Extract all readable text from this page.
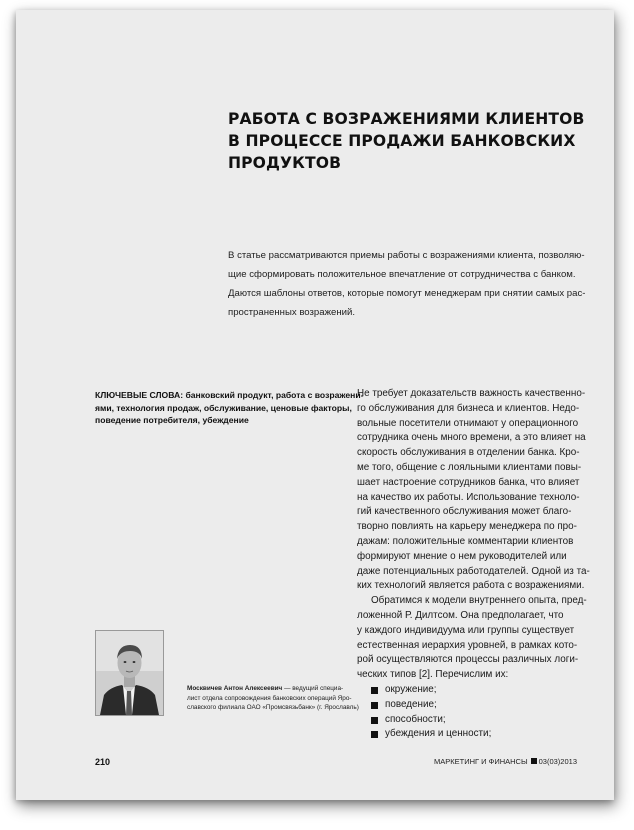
РАБОТА С ВОЗРАЖЕНИЯМИ КЛИЕНТОВ
В ПРОЦЕССЕ ПРОДАЖИ БАНКОВСКИХ
ПРОДУКТОВ
В статье рассматриваются приемы работы с возражениями клиента, позволяю-
щие сформировать положительное впечатление от сотрудничества с банком.
Даются шаблоны ответов, которые помогут менеджерам при снятии самых рас-
пространенных возражений.
КЛЮЧЕВЫЕ СЛОВА: банковский продукт, работа с возражени-
ями, технология продаж, обслуживание, ценовые факторы,
поведение потребителя, убеждение
Не требует доказательств важность качественно-
го обслуживания для бизнеса и клиентов. Недо-
вольные посетители отнимают у операционного
сотрудника очень много времени, а это влияет на
скорость обслуживания в отделении банка. Кро-
ме того, общение с лояльными клиентами повы-
шает настроение сотрудников банка, что влияет
на качество их работы. Использование техноло-
гий качественного обслуживания может благо-
творно повлиять на карьеру менеджера по про-
дажам: положительные комментарии клиентов
формируют мнение о нем руководителей или
даже потенциальных работодателей. Одной из та-
ких технологий является работа с возражениями.
Обратимся к модели внутреннего опыта, пред-
ложенной Р. Дилтсом. Она предполагает, что
у каждого индивидуума или группы существует
естественная иерархия уровней, в рамках кото-
рой осуществляются процессы различных логи-
ческих типов [2]. Перечислим их:
окружение;
поведение;
способности;
убеждения и ценности;
Москвичев Антон Алексеевич — ведущий специа-
лист отдела сопровождения банковских операций Яро-
славского филиала ОАО «Промсвязьбанк» (г. Ярославль)
210	МАРКЕТИНГ И ФИНАНСЫ 03(03)2013
